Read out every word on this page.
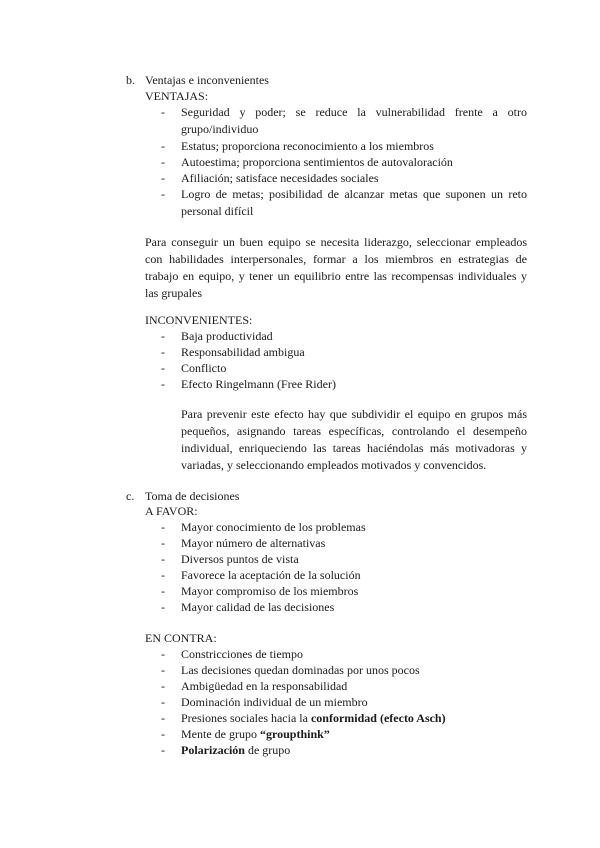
b. Ventajas e inconvenientes
VENTAJAS:
- Seguridad y poder; se reduce la vulnerabilidad frente a otro grupo/individuo
- Estatus; proporciona reconocimiento a los miembros
- Autoestima; proporciona sentimientos de autovaloración
- Afiliación; satisface necesidades sociales
- Logro de metas; posibilidad de alcanzar metas que suponen un reto personal difícil
Para conseguir un buen equipo se necesita liderazgo, seleccionar empleados con habilidades interpersonales, formar a los miembros en estrategias de trabajo en equipo, y tener un equilibrio entre las recompensas individuales y las grupales
INCONVENIENTES:
- Baja productividad
- Responsabilidad ambigua
- Conflicto
- Efecto Ringelmann (Free Rider)
Para prevenir este efecto hay que subdividir el equipo en grupos más pequeños, asignando tareas específicas, controlando el desempeño individual, enriqueciendo las tareas haciéndolas más motivadoras y variadas, y seleccionando empleados motivados y convencidos.
c. Toma de decisiones
A FAVOR:
- Mayor conocimiento de los problemas
- Mayor número de alternativas
- Diversos puntos de vista
- Favorece la aceptación de la solución
- Mayor compromiso de los miembros
- Mayor calidad de las decisiones
EN CONTRA:
- Constricciones de tiempo
- Las decisiones quedan dominadas por unos pocos
- Ambigüedad en la responsabilidad
- Dominación individual de un miembro
- Presiones sociales hacia la conformidad (efecto Asch)
- Mente de grupo “groupthink”
- Polarización de grupo
